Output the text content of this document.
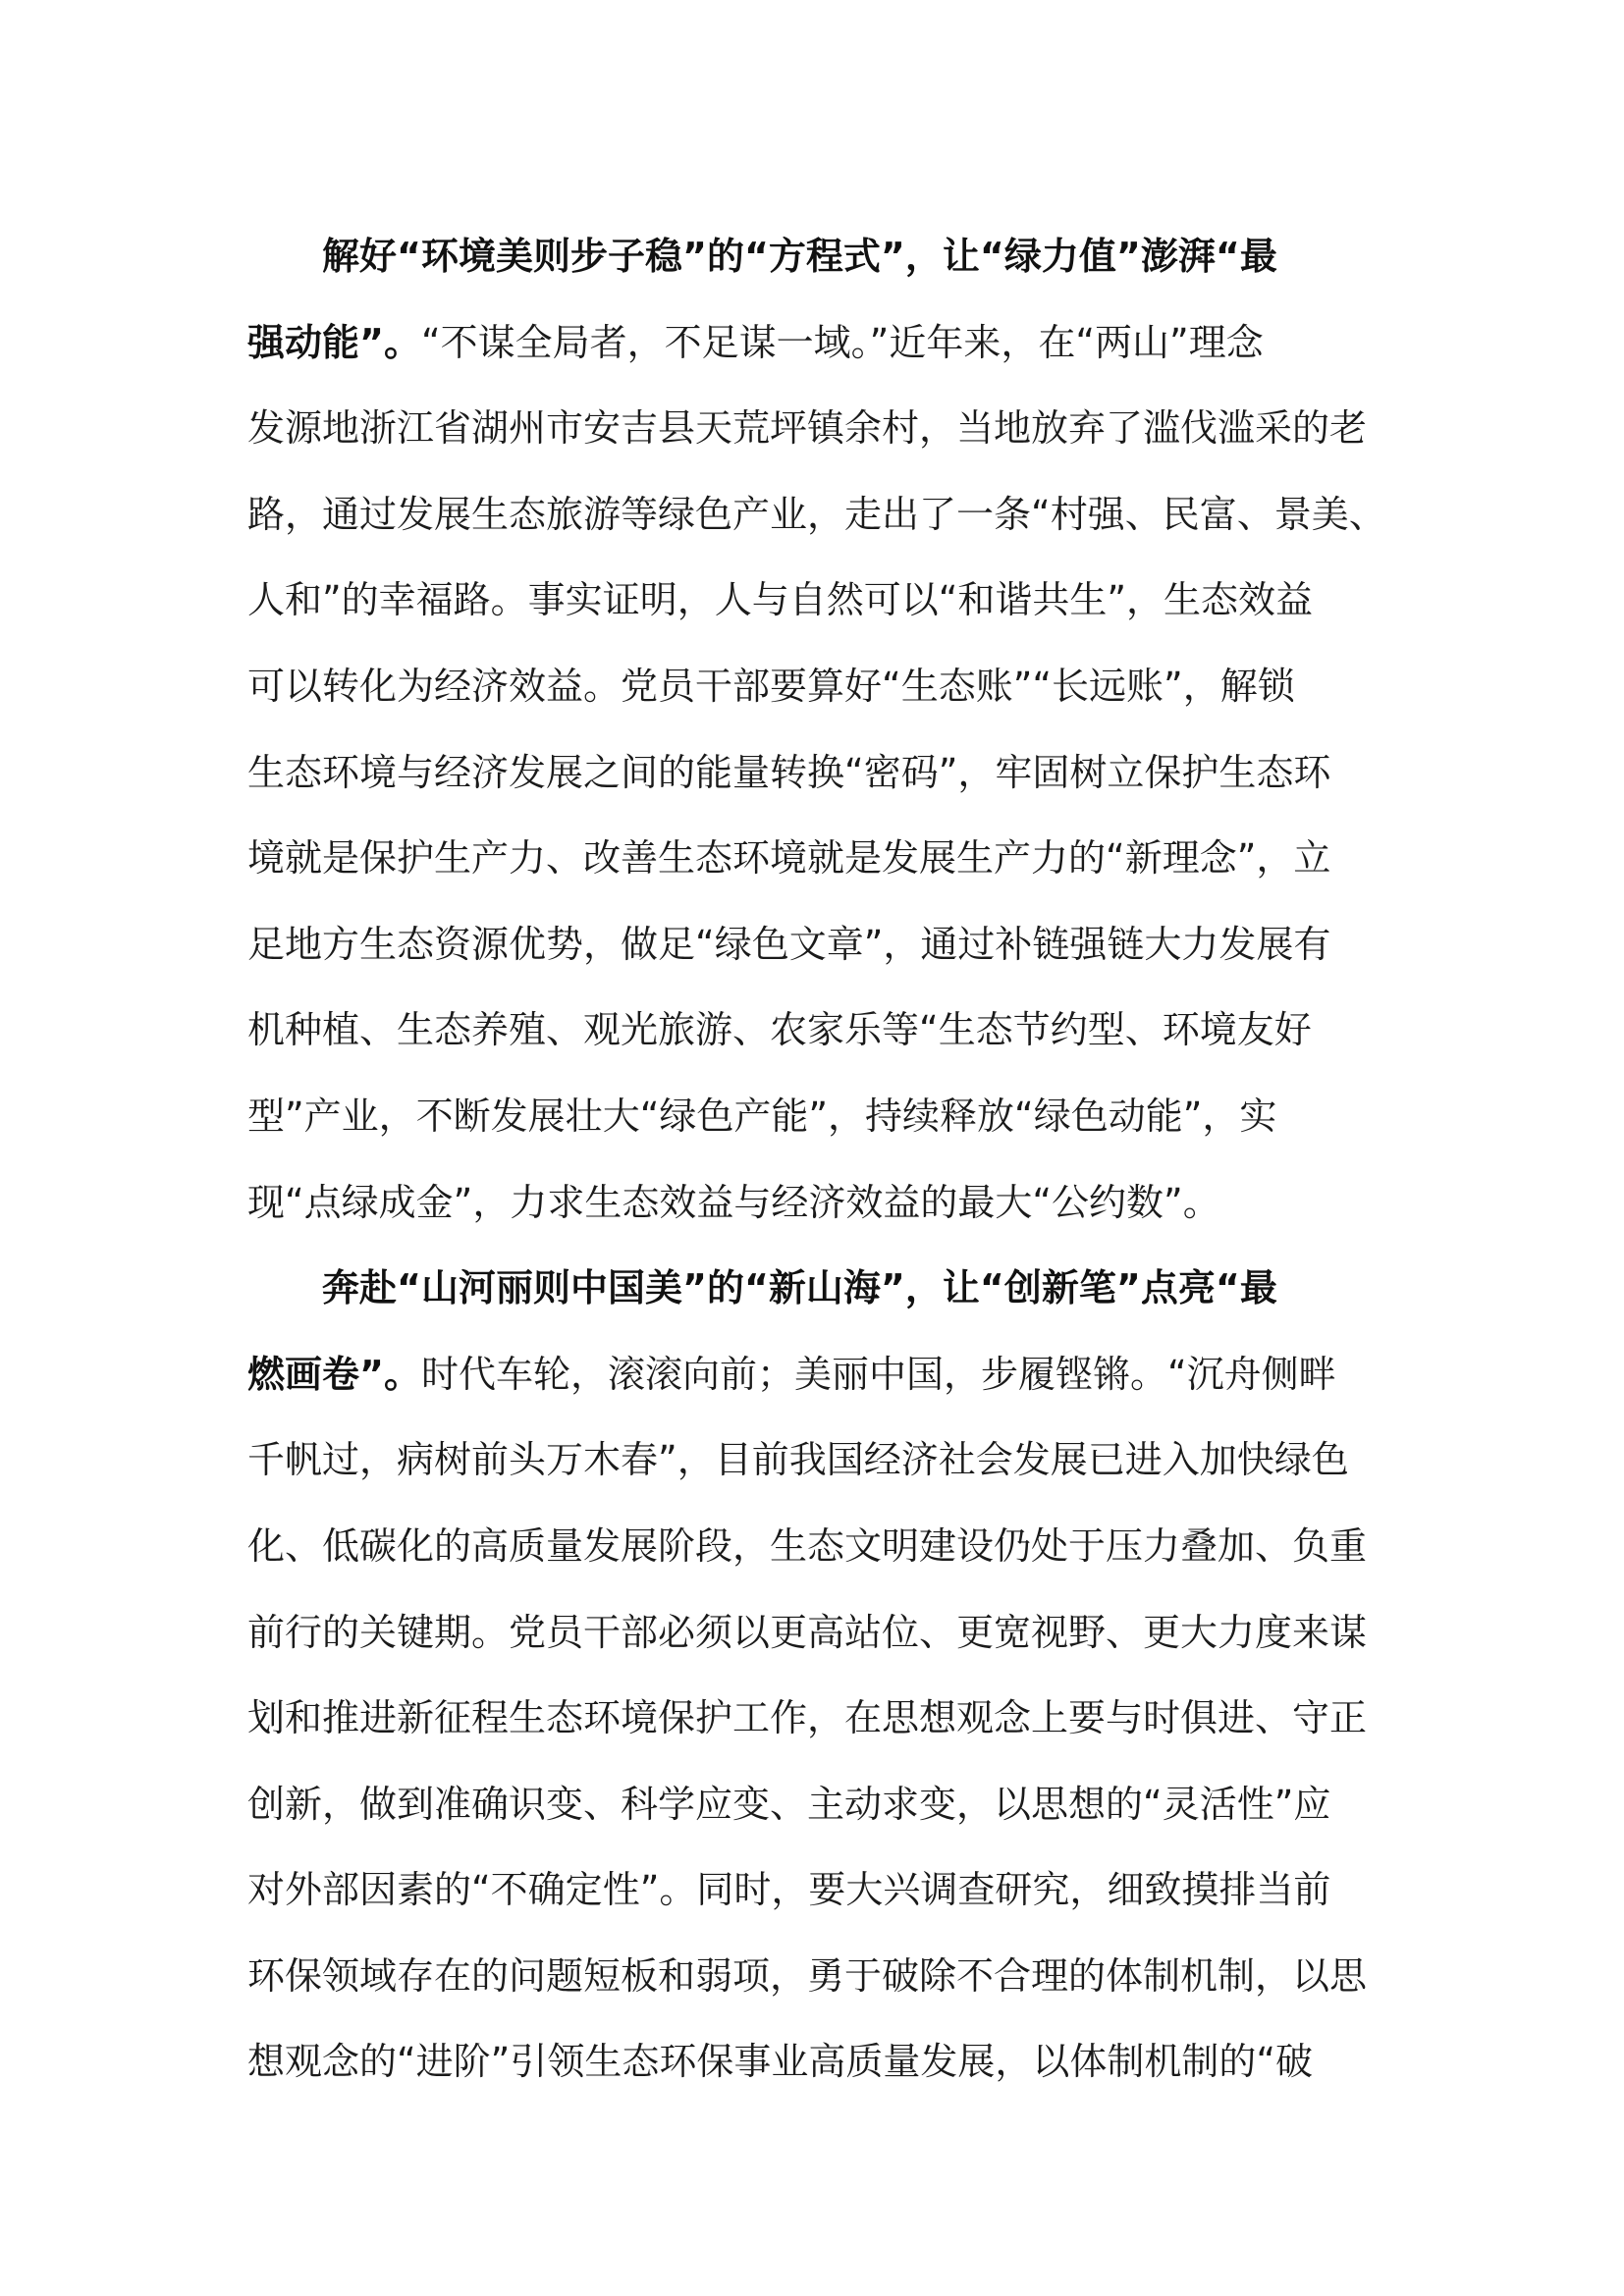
解好“环境美则步子稳”的“方程式”，让“绿力值”澎湃“最
强动能”。“不谋全局者，不足谋一域。”近年来，在“两山”理念
发源地浙江省湖州市安吉县天荒坪镇余村，当地放弃了滥伐滥采的老
路，通过发展生态旅游等绿色产业，走出了一条“村强、民富、景美、
人和”的幸福路。事实证明，人与自然可以“和谐共生”，生态效益
可以转化为经济效益。党员干部要算好“生态账”“长远账”，解锁
生态环境与经济发展之间的能量转换“密码”，牢固树立保护生态环
境就是保护生产力、改善生态环境就是发展生产力的“新理念”，立
足地方生态资源优势，做足“绿色文章”，通过补链强链大力发展有
机种植、生态养殖、观光旅游、农家乐等“生态节约型、环境友好
型”产业，不断发展壮大“绿色产能”，持续释放“绿色动能”，实
现“点绿成金”，力求生态效益与经济效益的最大“公约数”。
奔赴“山河丽则中国美”的“新山海”，让“创新笔”点亮“最
燃画卷”。时代车轮，滚滚向前；美丽中国，步履铿锵。“沉舟侧畔
千帆过，病树前头万木春”，目前我国经济社会发展已进入加快绿色
化、低碳化的高质量发展阶段，生态文明建设仍处于压力叠加、负重
前行的关键期。党员干部必须以更高站位、更宽视野、更大力度来谋
划和推进新征程生态环境保护工作，在思想观念上要与时俱进、守正
创新，做到准确识变、科学应变、主动求变，以思想的“灵活性”应
对外部因素的“不确定性”。同时，要大兴调查研究，细致摸排当前
环保领域存在的问题短板和弱项，勇于破除不合理的体制机制，以思
想观念的“进阶”引领生态环保事业高质量发展，以体制机制的“破
